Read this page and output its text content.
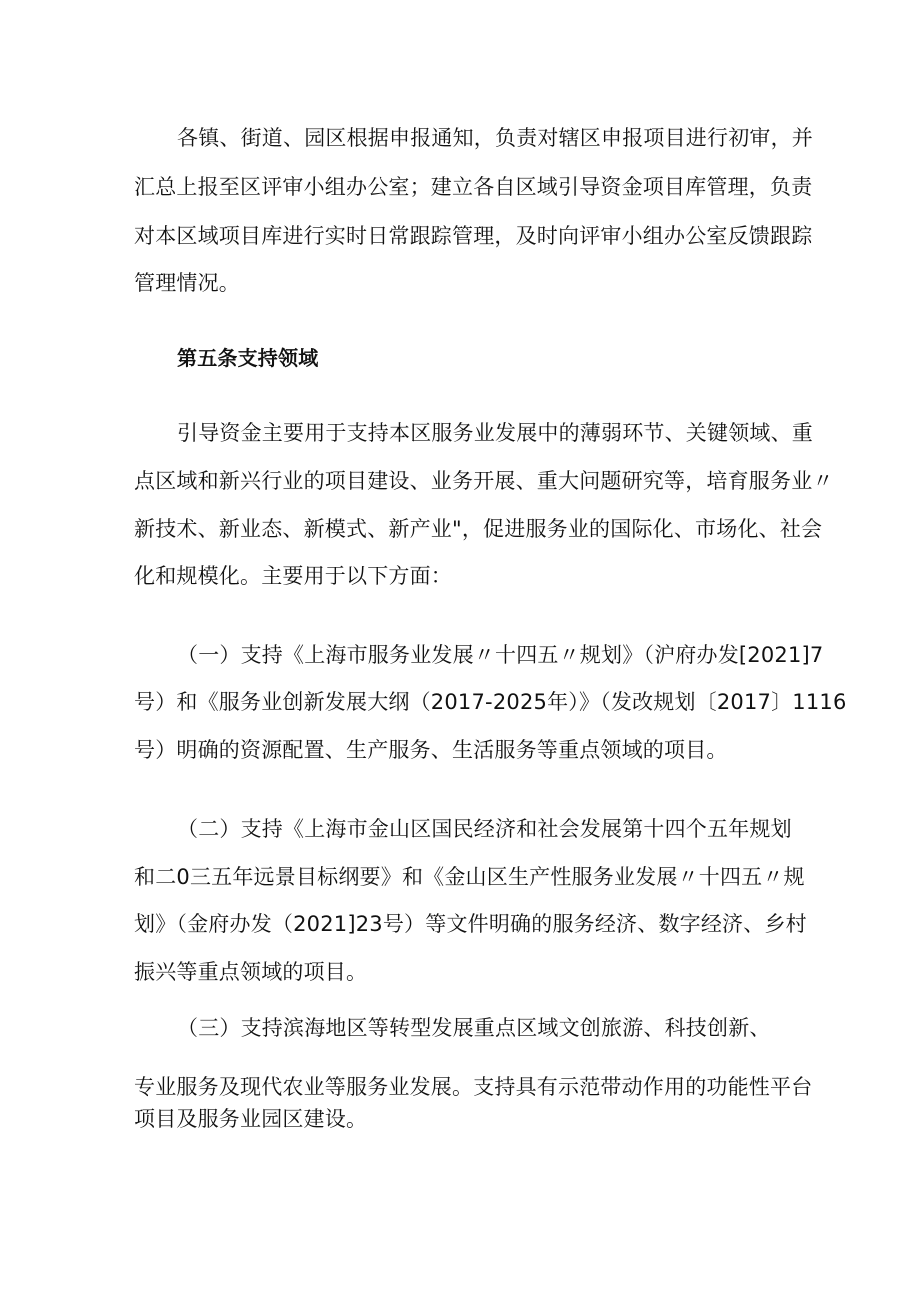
各镇、街道、园区根据申报通知，负责对辖区申报项目进行初审，并

汇总上报至区评审小组办公室；建立各自区域引导资金项目库管理，负责

对本区域项目库进行实时日常跟踪管理，及时向评审小组办公室反馈跟踪

管理情况。

第五条支持领域

引导资金主要用于支持本区服务业发展中的薄弱环节、关键领域、重

点区域和新兴行业的项目建设、业务开展、重大问题研究等，培育服务业〃

新技术、新业态、新模式、新产业"，促进服务业的国际化、市场化、社会

化和规模化。主要用于以下方面：

（一）支持《上海市服务业发展〃十四五〃规划》（沪府办发[2021]7

号）和《服务业创新发展大纲（2017-2025年）》（发改规划〔2017〕1116

号）明确的资源配置、生产服务、生活服务等重点领域的项目。

（二）支持《上海市金山区国民经济和社会发展第十四个五年规划

和二0三五年远景目标纲要》和《金山区生产性服务业发展〃十四五〃规

划》（金府办发（2021]23号）等文件明确的服务经济、数字经济、乡村

振兴等重点领域的项目。

（三）支持滨海地区等转型发展重点区域文创旅游、科技创新、

专业服务及现代农业等服务业发展。支持具有示范带动作用的功能性平台

项目及服务业园区建设。
